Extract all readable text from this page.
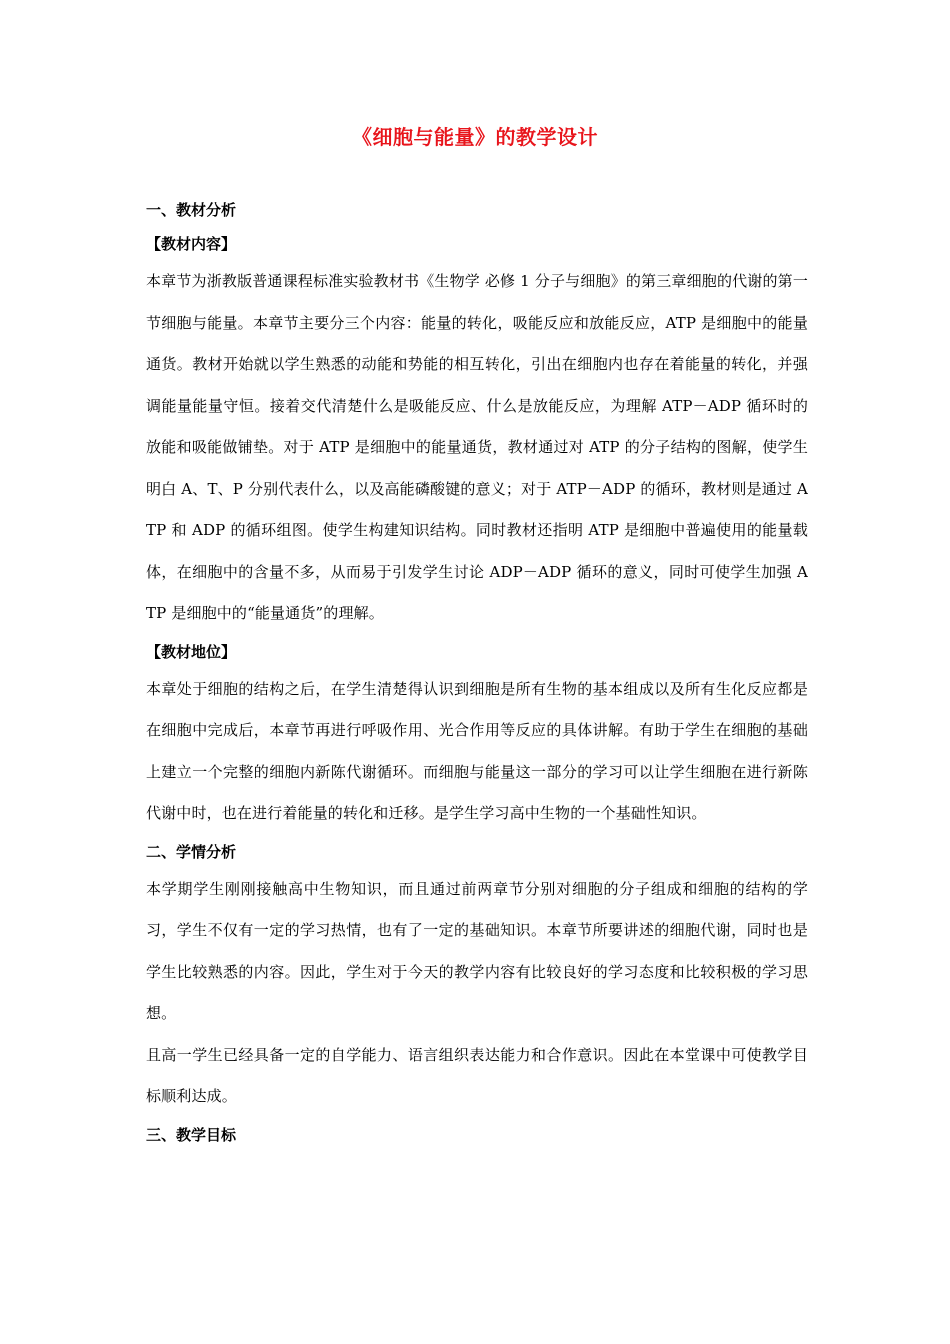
《细胞与能量》的教学设计
一、教材分析
【教材内容】

本章节为浙教版普通课程标准实验教材书《生物学 必修 1 分子与细胞》的第三章细胞的代谢的第一节细胞与能量。本章节主要分三个内容：能量的转化，吸能反应和放能反应，ATP 是细胞中的能量通货。教材开始就以学生熟悉的动能和势能的相互转化，引出在细胞内也存在着能量的转化，并强调能量能量守恒。接着交代清楚什么是吸能反应、什么是放能反应，为理解 ATP－ADP 循环时的放能和吸能做铺垫。对于 ATP 是细胞中的能量通货，教材通过对 ATP 的分子结构的图解，使学生明白 A、T、P 分别代表什么，以及高能磷酸键的意义；对于 ATP－ADP 的循环，教材则是通过 ATP 和 ADP 的循环组图。使学生构建知识结构。同时教材还指明 ATP 是细胞中普遍使用的能量载体，在细胞中的含量不多，从而易于引发学生讨论 ADP－ADP 循环的意义，同时可使学生加强 ATP 是细胞中的“能量通货”的理解。

【教材地位】

本章处于细胞的结构之后，在学生清楚得认识到细胞是所有生物的基本组成以及所有生化反应都是在细胞中完成后，本章节再进行呼吸作用、光合作用等反应的具体讲解。有助于学生在细胞的基础上建立一个完整的细胞内新陈代谢循环。而细胞与能量这一部分的学习可以让学生细胞在进行新陈代谢中时，也在进行着能量的转化和迁移。是学生学习高中生物的一个基础性知识。

二、学情分析

本学期学生刚刚接触高中生物知识，而且通过前两章节分别对细胞的分子组成和细胞的结构的学习，学生不仅有一定的学习热情，也有了一定的基础知识。本章节所要讲述的细胞代谢，同时也是学生比较熟悉的内容。因此，学生对于今天的教学内容有比较良好的学习态度和比较积极的学习思想。

且高一学生已经具备一定的自学能力、语言组织表达能力和合作意识。因此在本堂课中可使教学目标顺利达成。

三、教学目标
